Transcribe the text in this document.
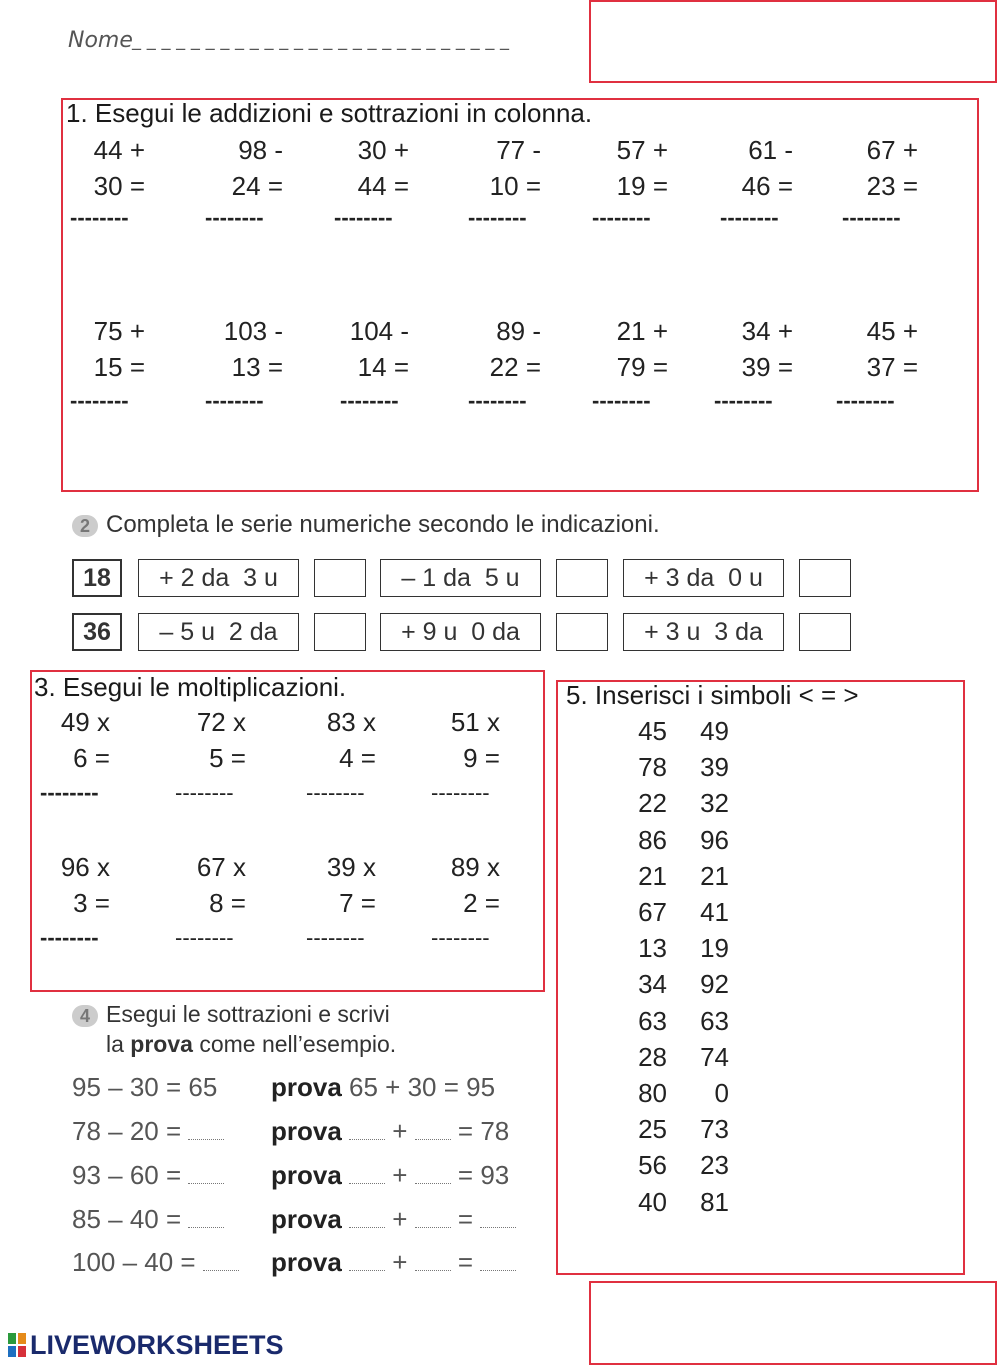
Nome _ _ _ _ _ _ _ _ _ _ _ _ _ _ _ _ _ _ _ _ _ _ _ _ _ _
1. Esegui le addizioni e sottrazioni in colonna.
44 +
30 =
--------
98 -
24 =
--------
30 +
44 =
--------
77 -
10 =
--------
57 +
19 =
--------
61 -
46 =
--------
67 +
23 =
--------
75 +
15 =
--------
103 -
13 =
--------
104 -
14 =
--------
89 -
22 =
--------
21 +
79 =
--------
34 +
39 =
--------
45 +
37 =
--------
2 Completa le serie numeriche secondo le indicazioni.
18	+ 2 da  3 u	– 1 da  5 u	+ 3 da  0 u
36	– 5 u  2 da	+ 9 u  0 da	+ 3 u  3 da
3. Esegui le moltiplicazioni.
49 x
6 =
--------
72 x
5 =
--------
83 x
4 =
--------
51 x
9 =
--------
96 x
3 =
--------
67 x
8 =
--------
39 x
7 =
--------
89 x
2 =
--------
4 Esegui le sottrazioni e scrivi
la prova come nell’esempio.
95 – 30 = 65 prova 65 + 30 = 95
78 – 20 =	prova  +  = 78
93 – 60 =	prova  +  = 93
85 – 40 =	prova  +  =
100 – 40 =	prova  +  =
5. Inserisci i simboli < = >
45 49
78 39
22 32
86 96
21 21
67 41
13 19
34 92
63 63
28 74
80 0
25 73
56 23
40 81
LIVEWORKSHEETS
